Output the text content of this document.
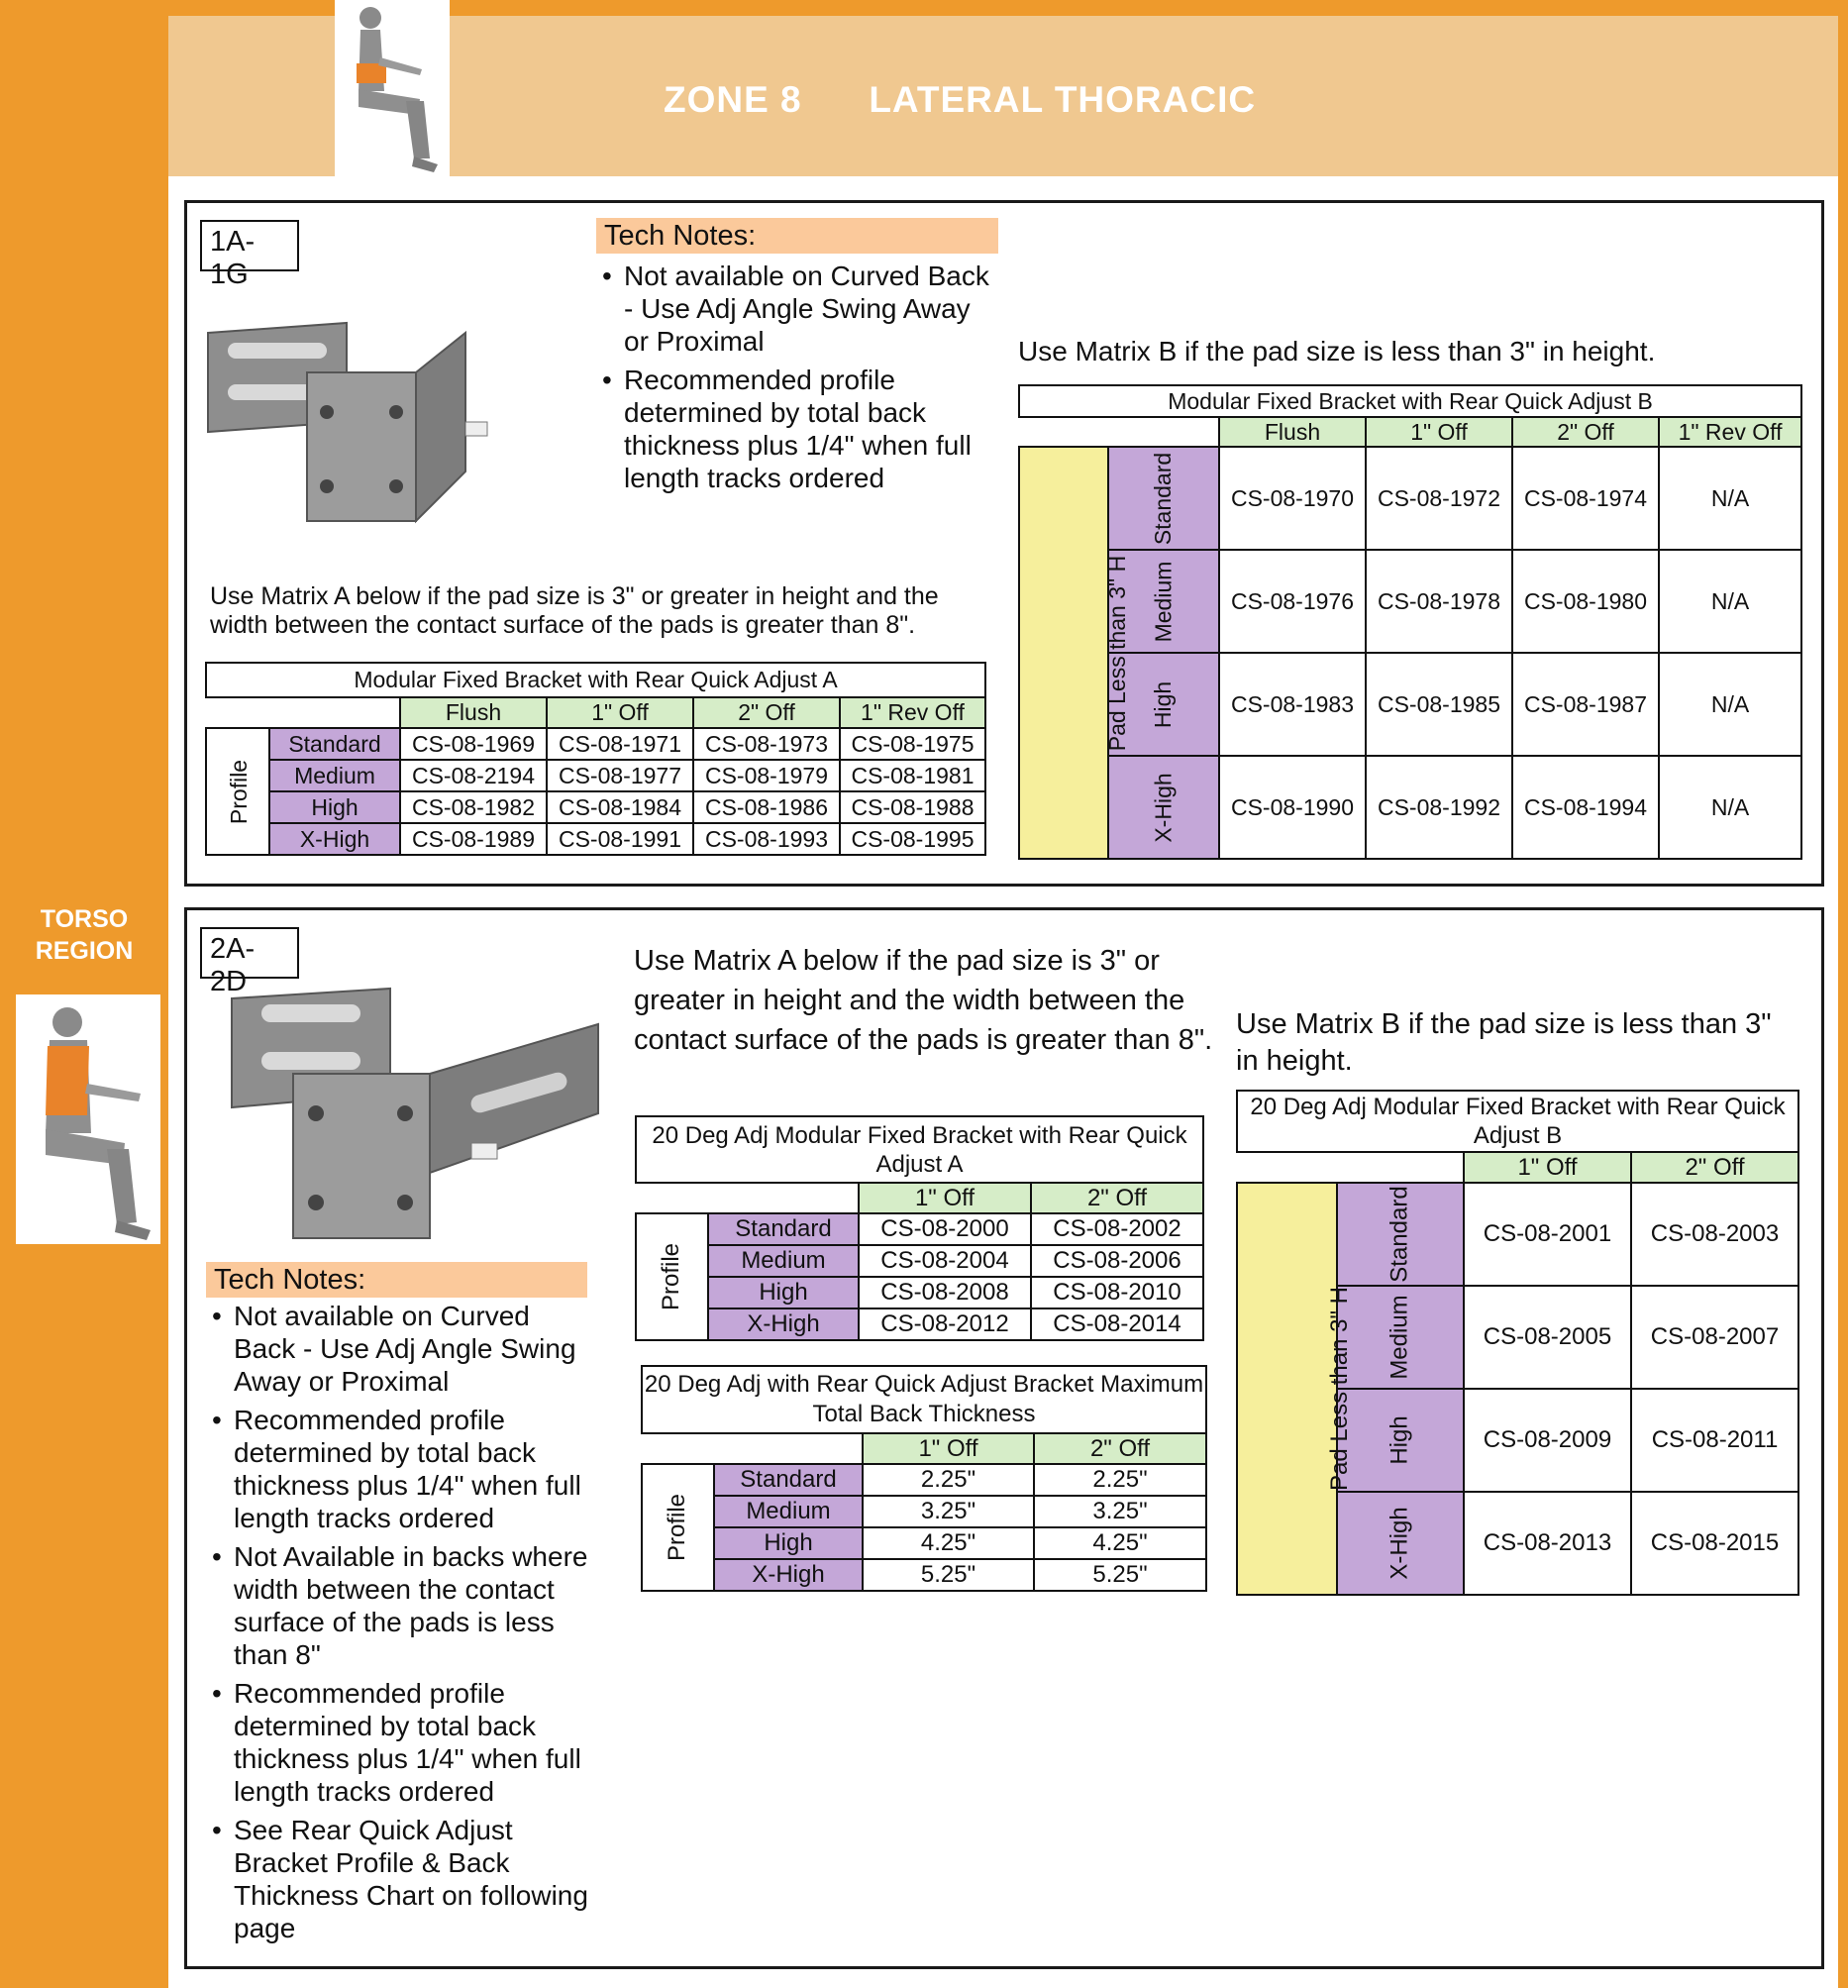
ZONE 8 LATERAL THORACIC
TORSO
REGION
1A-1G
Tech Notes:
• Not available on Curved Back - Use Adj Angle Swing Away or Proximal
• Recommended profile determined by total back thickness plus 1/4" when full length tracks ordered
Use Matrix A below if the pad size is 3" or greater in height and the width between the contact surface of the pads is greater than 8".
Use Matrix B if the pad size is less than 3" in height.
Modular Fixed Bracket with Rear Quick Adjust A					
		Flush	1" Off	2" Off	1" Rev Off
Profile	Standard	CS-08-1969	CS-08-1971	CS-08-1973	CS-08-1975
	Medium	CS-08-2194	CS-08-1977	CS-08-1979	CS-08-1981
	High	CS-08-1982	CS-08-1984	CS-08-1986	CS-08-1988
	X-High	CS-08-1989	CS-08-1991	CS-08-1993	CS-08-1995
Modular Fixed Bracket with Rear Quick Adjust B					
		Flush	1" Off	2" Off	1" Rev Off
Pad Less than 3" H	Standard	CS-08-1970	CS-08-1972	CS-08-1974	N/A
	Medium	CS-08-1976	CS-08-1978	CS-08-1980	N/A
	High	CS-08-1983	CS-08-1985	CS-08-1987	N/A
	X-High	CS-08-1990	CS-08-1992	CS-08-1994	N/A
2A-2D
Tech Notes:
• Not available on Curved Back - Use Adj Angle Swing Away or Proximal
• Recommended profile determined by total back thickness plus 1/4" when full length tracks ordered
• Not Available in backs where width between the contact surface of the pads is less than 8"
• Recommended profile determined by total back thickness plus 1/4" when full length tracks ordered
• See Rear Quick Adjust Bracket Profile & Back Thickness Chart on following page
Use Matrix A below if the pad size is 3" or greater in height and the width between the contact surface of the pads is greater than 8". Use Matrix B if the pad size is less than 3" in height.
20 Deg Adj Modular Fixed Bracket with Rear Quick Adjust A			
		1" Off	2" Off
Profile	Standard	CS-08-2000	CS-08-2002
	Medium	CS-08-2004	CS-08-2006
	High	CS-08-2008	CS-08-2010
	X-High	CS-08-2012	CS-08-2014
20 Deg Adj with Rear Quick Adjust Bracket Maximum Total Back Thickness			
		1" Off	2" Off
Profile	Standard	2.25"	2.25"
	Medium	3.25"	3.25"
	High	4.25"	4.25"
	X-High	5.25"	5.25"
20 Deg Adj Modular Fixed Bracket with Rear Quick Adjust B			
		1" Off	2" Off
Pad Less than 3" H	Standard	CS-08-2001	CS-08-2003
	Medium	CS-08-2005	CS-08-2007
	High	CS-08-2009	CS-08-2011
	X-High	CS-08-2013	CS-08-2015
